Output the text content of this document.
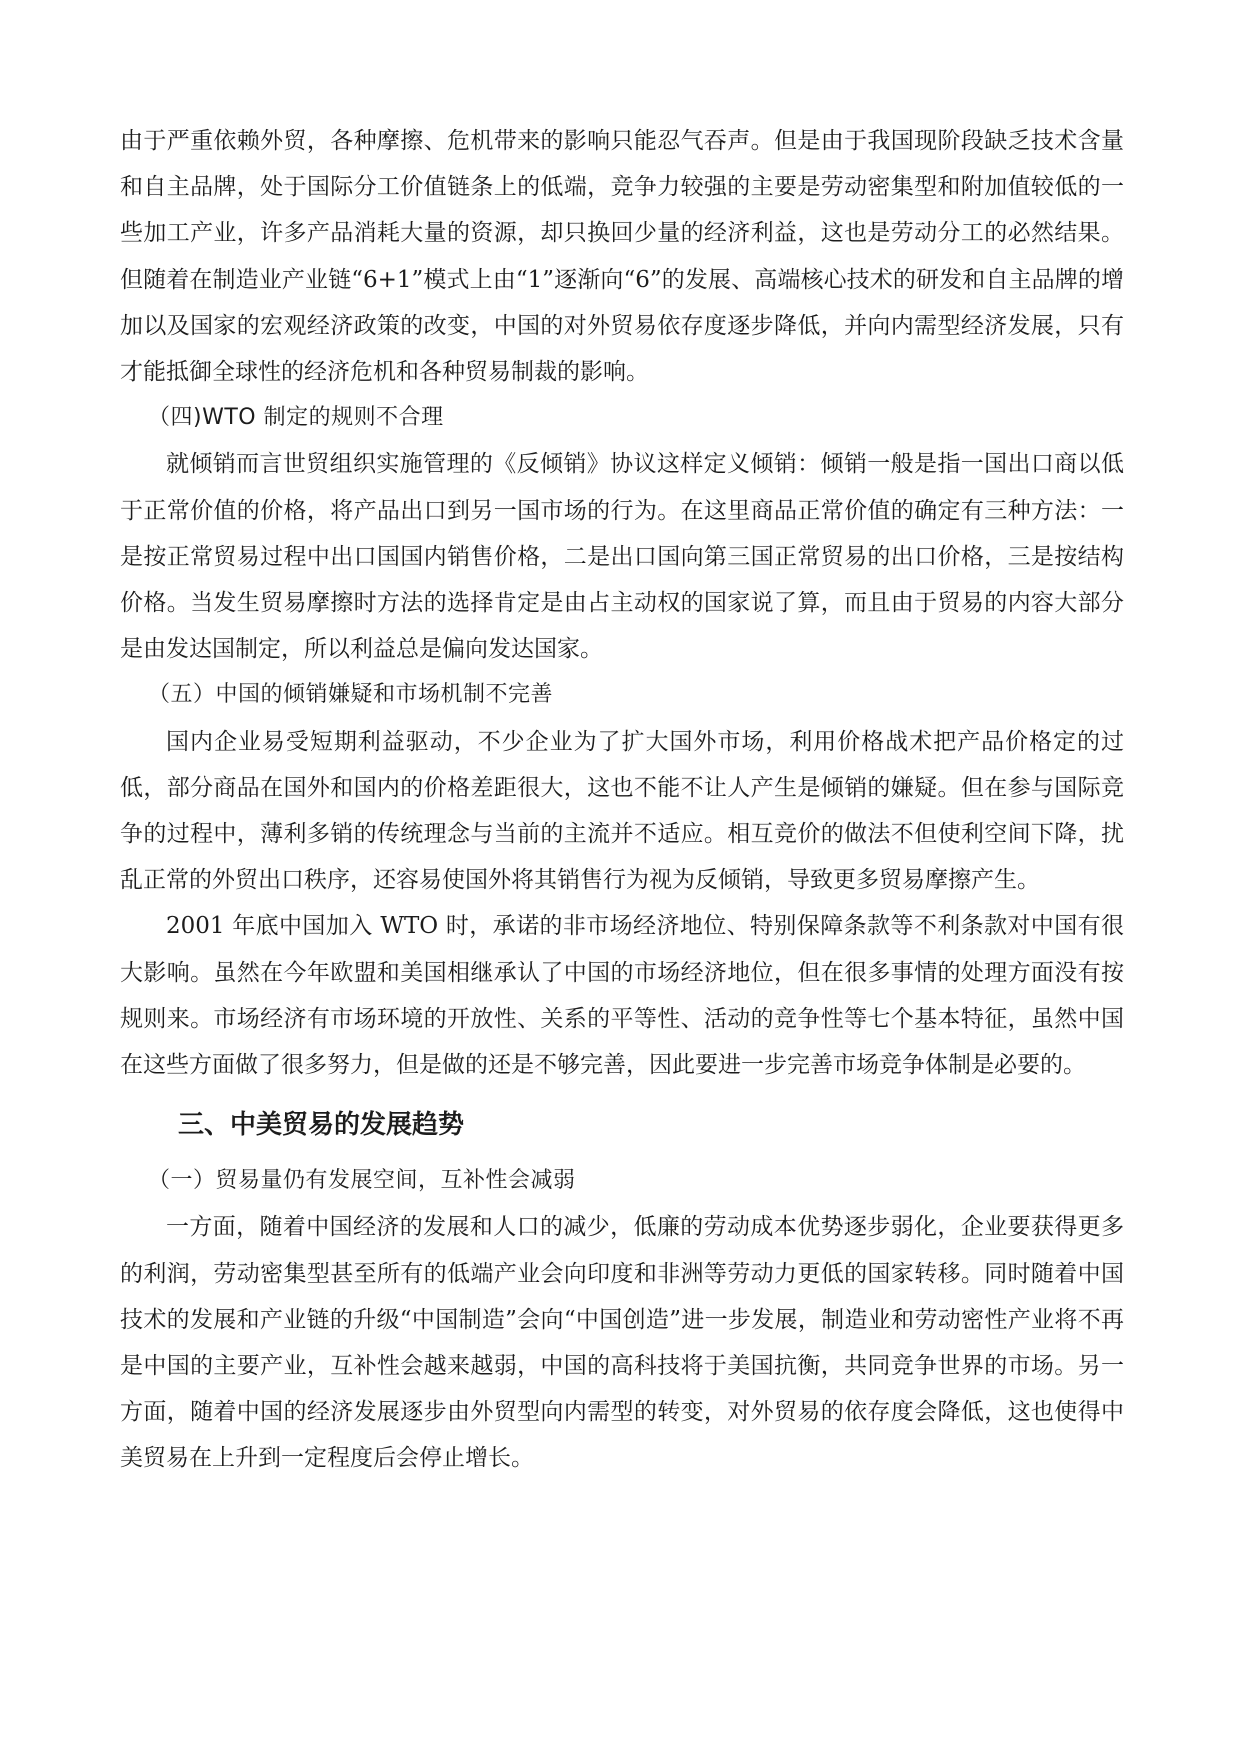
由于严重依赖外贸，各种摩擦、危机带来的影响只能忍气吞声。但是由于我国现阶段缺乏技术含量和自主品牌，处于国际分工价值链条上的低端，竞争力较强的主要是劳动密集型和附加值较低的一些加工产业，许多产品消耗大量的资源，却只换回少量的经济利益，这也是劳动分工的必然结果。但随着在制造业产业链“6+1”模式上由“1”逐渐向“6”的发展、高端核心技术的研发和自主品牌的增加以及国家的宏观经济政策的改变，中国的对外贸易依存度逐步降低，并向内需型经济发展，只有才能抵御全球性的经济危机和各种贸易制裁的影响。

（四)WTO 制定的规则不合理

就倾销而言世贸组织实施管理的《反倾销》协议这样定义倾销：倾销一般是指一国出口商以低于正常价值的价格，将产品出口到另一国市场的行为。在这里商品正常价值的确定有三种方法：一是按正常贸易过程中出口国国内销售价格，二是出口国向第三国正常贸易的出口价格，三是按结构价格。当发生贸易摩擦时方法的选择肯定是由占主动权的国家说了算，而且由于贸易的内容大部分是由发达国制定，所以利益总是偏向发达国家。

（五）中国的倾销嫌疑和市场机制不完善

国内企业易受短期利益驱动，不少企业为了扩大国外市场，利用价格战术把产品价格定的过低，部分商品在国外和国内的价格差距很大，这也不能不让人产生是倾销的嫌疑。但在参与国际竞争的过程中，薄利多销的传统理念与当前的主流并不适应。相互竞价的做法不但使利空间下降，扰乱正常的外贸出口秩序，还容易使国外将其销售行为视为反倾销，导致更多贸易摩擦产生。

2001 年底中国加入 WTO 时，承诺的非市场经济地位、特别保障条款等不利条款对中国有很大影响。虽然在今年欧盟和美国相继承认了中国的市场经济地位，但在很多事情的处理方面没有按规则来。市场经济有市场环境的开放性、关系的平等性、活动的竞争性等七个基本特征，虽然中国在这些方面做了很多努力，但是做的还是不够完善，因此要进一步完善市场竞争体制是必要的。

三、中美贸易的发展趋势

（一）贸易量仍有发展空间，互补性会减弱

一方面，随着中国经济的发展和人口的减少，低廉的劳动成本优势逐步弱化，企业要获得更多的利润，劳动密集型甚至所有的低端产业会向印度和非洲等劳动力更低的国家转移。同时随着中国技术的发展和产业链的升级“中国制造”会向“中国创造”进一步发展，制造业和劳动密性产业将不再是中国的主要产业，互补性会越来越弱，中国的高科技将于美国抗衡，共同竞争世界的市场。另一方面，随着中国的经济发展逐步由外贸型向内需型的转变，对外贸易的依存度会降低，这也使得中美贸易在上升到一定程度后会停止增长。
